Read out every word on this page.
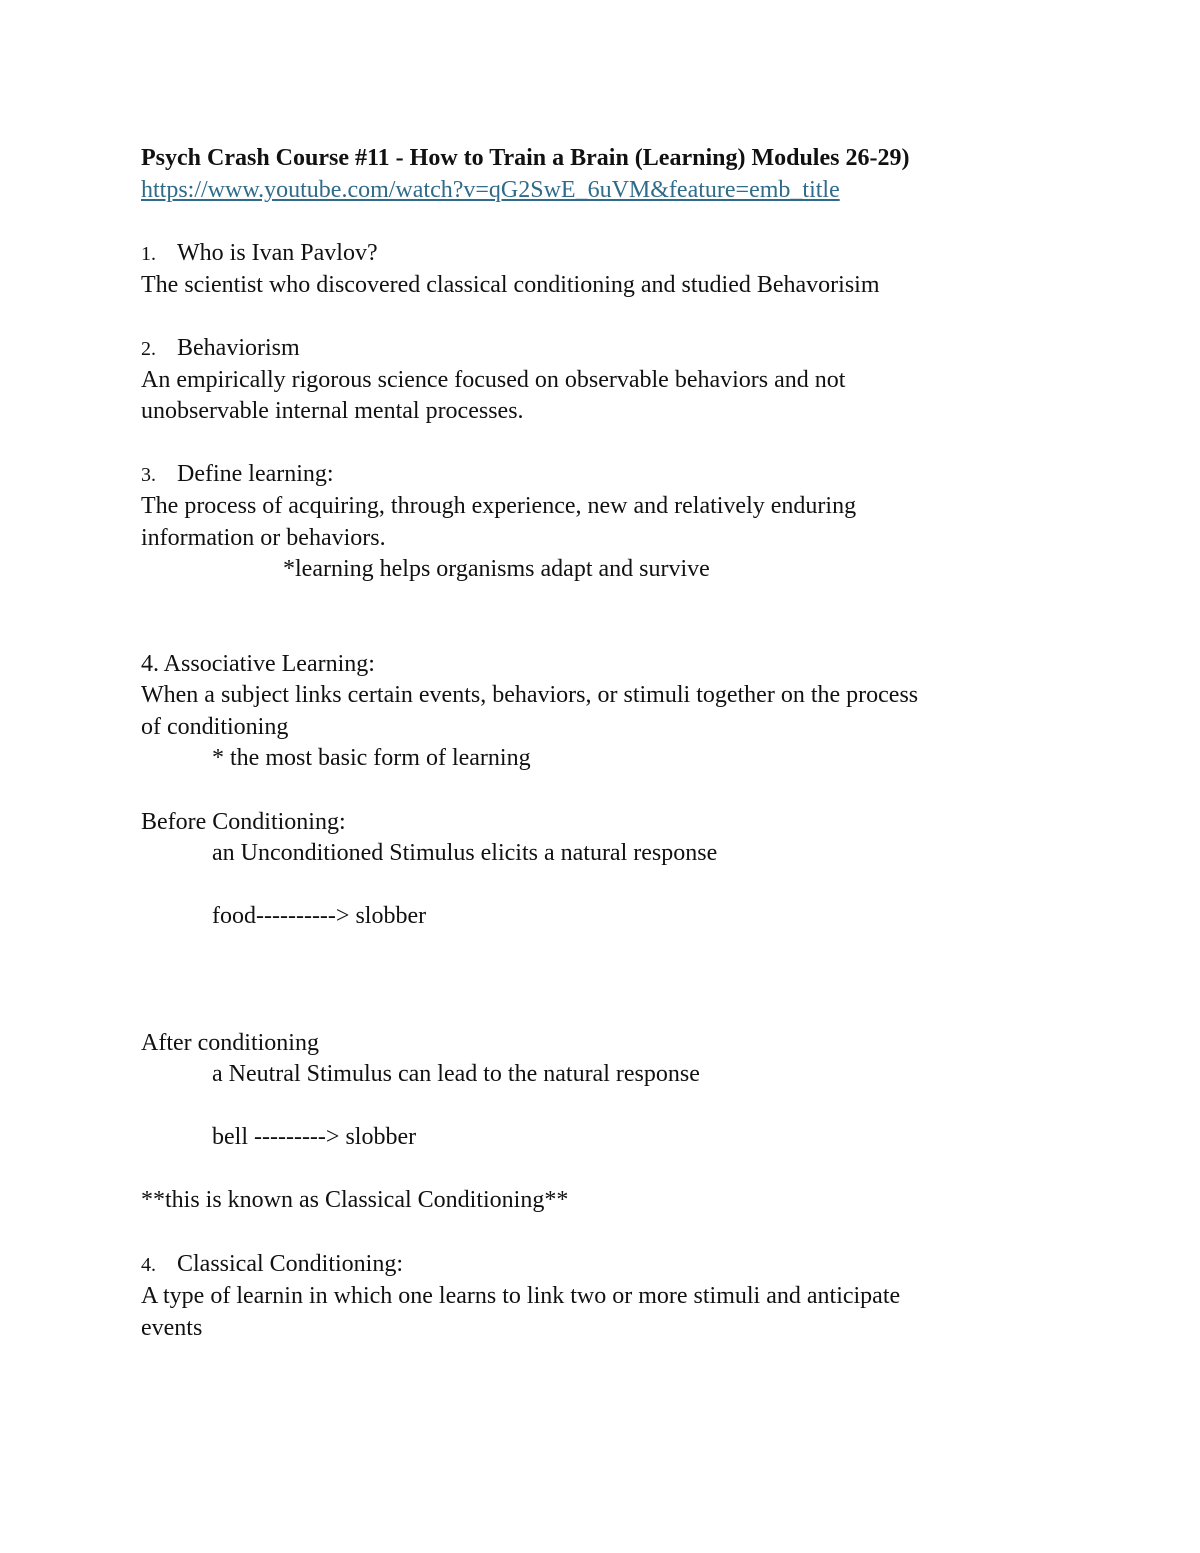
Psych Crash Course #11 - How to Train a Brain (Learning) Modules 26-29)

https://www.youtube.com/watch?v=qG2SwE_6uVM&feature=emb_title

1. Who is Ivan Pavlov?

The scientist who discovered classical conditioning and studied Behavorisim

2. Behaviorism

An empirically rigorous science focused on observable behaviors and not

unobservable internal mental processes.

3. Define learning:

The process of acquiring, through experience, new and relatively enduring

information or behaviors.

*learning helps organisms adapt and survive

4. Associative Learning:

When a subject links certain events, behaviors, or stimuli together on the process

of conditioning

* the most basic form of learning

Before Conditioning:

an Unconditioned Stimulus elicits a natural response

food----------> slobber

After conditioning

a Neutral Stimulus can lead to the natural response

bell ---------> slobber

**this is known as Classical Conditioning**

4. Classical Conditioning:

A type of learnin in which one learns to link two or more stimuli and anticipate

events
